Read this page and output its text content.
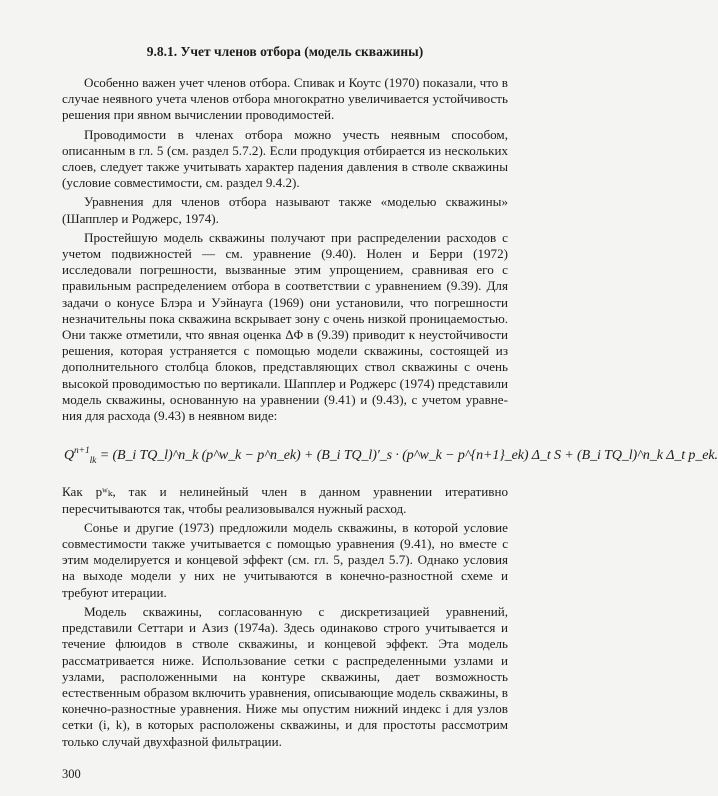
9.8.1. Учет членов отбора (модель скважины)

Особенно важен учет членов отбора. Спивак и Коутс (1970) показали, что в случае неявного учета членов отбора многократно увеличивается устойчивость решения при явном вычислении проводимостей.

Проводимости в членах отбора можно учесть неявным способом, описанным в гл. 5 (см. раздел 5.7.2). Если продукция отбирается из нескольких слоев, следует также учитывать характер падения давления в стволе скважины (условие совместимости, см. раздел 9.4.2).

Уравнения для членов отбора называют также «моделью скважины» (Шапплер и Роджерс, 1974).

Простейшую модель скважины получают при распределении расходов с учетом подвижностей — см. уравнение (9.40). Нолен и Берри (1972) исследовали погрешности, вызванные этим упрощением, сравнивая его с правильным распределением отбора в соответствии с уравнением (9.39). Для задачи о конусе Блэра и Уэйнауга (1969) они установили, что погрешности незначительны пока скважина вскрывает зону с очень низкой проницаемостью. Они также отметили, что явная оценка ΔΦ в (9.39) приводит к неустойчивости решения, которая устраняется с помощью модели скважины, состоящей из дополнительного столбца блоков, представляющих ствол скважины с очень высокой проводимостью по вертикали. Шапплер и Роджерс (1974) представили модель скважины, основанную на уравнении (9.41) и (9.43), с учетом уравнения для расхода (9.43) в неявном виде:

$Q^{n+1}_{lk}$ = (B_i TQ_l)^n_k (p^w_k − p^n_ek) + (B_i TQ_l)′_s · (p^w_k − p^{n+1}_ek) Δ_t S + (B_i TQ_l)^n_k Δ_t p_ek.

Как pʷₖ, так и нелинейный член в данном уравнении итеративно пересчитываются так, чтобы реализовывался нужный расход.

Сонье и другие (1973) предложили модель скважины, в которой условие совместимости также учитывается с помощью уравнения (9.41), но вместе с этим моделируется и концевой эффект (см. гл. 5, раздел 5.7). Однако условия на выходе модели у них не учитываются в конечно-разностной схеме и требуют итерации.

Модель скважины, согласованную с дискретизацией уравнений, представили Сеттари и Азиз (1974a). Здесь одинаково строго учитывается и течение флюидов в стволе скважины, и концевой эффект. Эта модель рассматривается ниже. Использование сетки с распределенными узлами и узлами, расположенными на контуре скважины, дает возможность естественным образом включить уравнения, описывающие модель скважины, в конечно-разностные уравнения. Ниже мы опустим нижний индекс i для узлов сетки (i, k), в которых расположены скважины, и для простоты рассмотрим только случай двухфазной фильтрации.

300
